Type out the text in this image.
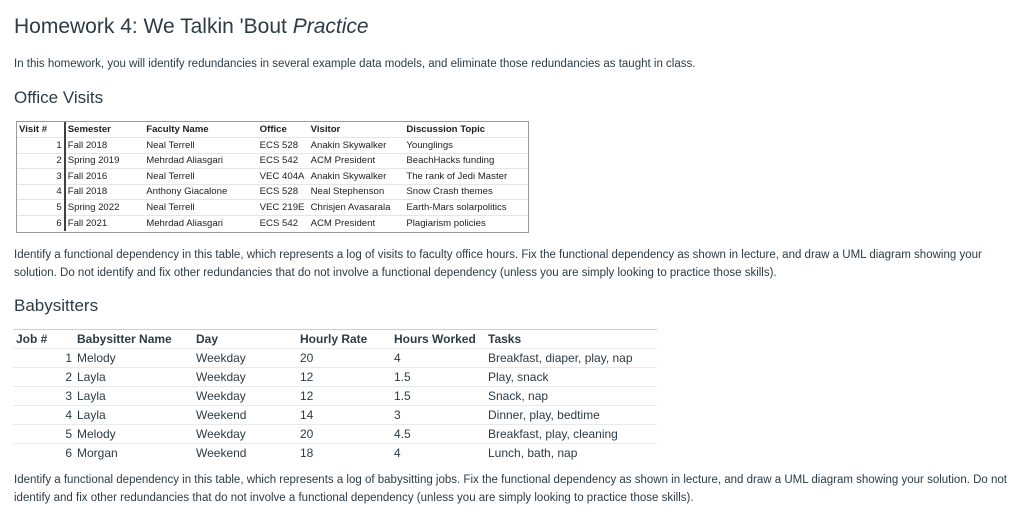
Homework 4: We Talkin 'Bout Practice

In this homework, you will identify redundancies in several example data models, and eliminate those redundancies as taught in class.

Office Visits
Visit #	Semester	Faculty Name	Office	Visitor	Discussion Topic
1	Fall 2018	Neal Terrell	ECS 528	Anakin Skywalker	Younglings
2	Spring 2019	Mehrdad Aliasgari	ECS 542	ACM President	BeachHacks funding
3	Fall 2016	Neal Terrell	VEC 404A	Anakin Skywalker	The rank of Jedi Master
4	Fall 2018	Anthony Giacalone	ECS 528	Neal Stephenson	Snow Crash themes
5	Spring 2022	Neal Terrell	VEC 219E	Chrisjen Avasarala	Earth-Mars solarpolitics
6	Fall 2021	Mehrdad Aliasgari	ECS 542	ACM President	Plagiarism policies

Identify a functional dependency in this table, which represents a log of visits to faculty office hours. Fix the functional dependency as shown in lecture, and draw a UML diagram showing your solution. Do not identify and fix other redundancies that do not involve a functional dependency (unless you are simply looking to practice those skills).

Babysitters
Job #	Babysitter Name	Day	Hourly Rate	Hours Worked	Tasks
1	Melody	Weekday	20	4	Breakfast, diaper, play, nap
2	Layla	Weekday	12	1.5	Play, snack
3	Layla	Weekday	12	1.5	Snack, nap
4	Layla	Weekend	14	3	Dinner, play, bedtime
5	Melody	Weekday	20	4.5	Breakfast, play, cleaning
6	Morgan	Weekend	18	4	Lunch, bath, nap

Identify a functional dependency in this table, which represents a log of babysitting jobs. Fix the functional dependency as shown in lecture, and draw a UML diagram showing your solution. Do not identify and fix other redundancies that do not involve a functional dependency (unless you are simply looking to practice those skills).
